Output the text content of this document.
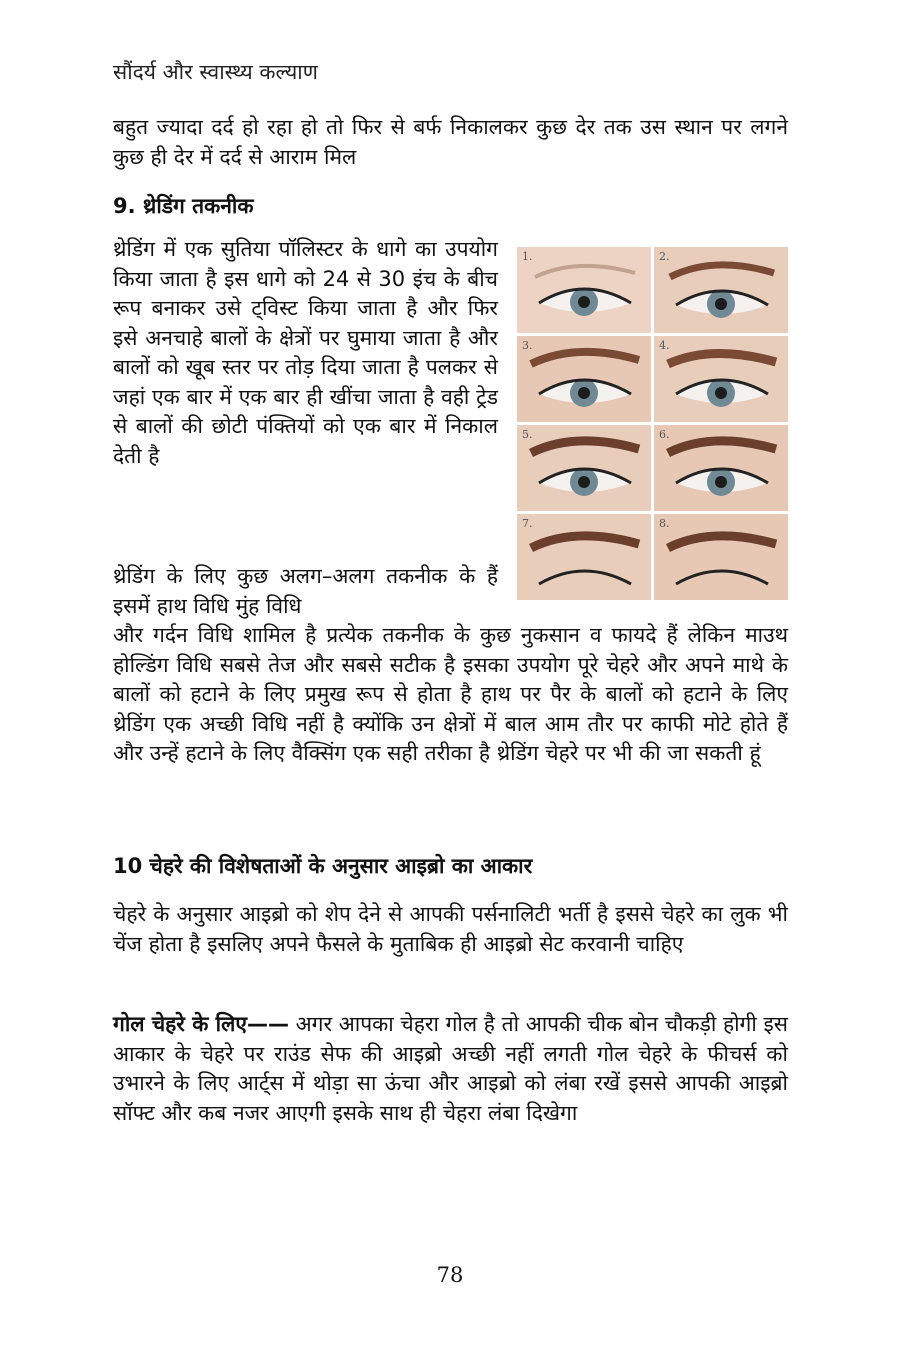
सौंदर्य और स्वास्थ्य कल्याण
बहुत ज्यादा दर्द हो रहा हो तो फिर से बर्फ निकालकर कुछ देर तक उस स्थान पर लगने कुछ ही देर में दर्द से आराम मिल
9. थ्रेडिंग तकनीक
थ्रेडिंग में एक सुतिया पॉलिस्टर के धागे का उपयोग किया जाता है इस धागे को 24 से 30 इंच के बीच रूप बनाकर उसे ट्विस्ट किया जाता है और फिर इसे अनचाहे बालों के क्षेत्रों पर घुमाया जाता है और बालों को खूब स्तर पर तोड़ दिया जाता है पलकर से जहां एक बार में एक बार ही खींचा जाता है वही ट्रेड से बालों की छोटी पंक्तियों को एक बार में निकाल देती है
थ्रेडिंग के लिए कुछ अलग–अलग तकनीक के हैं इसमें हाथ विधि मुंह विधि
और गर्दन विधि शामिल है प्रत्येक तकनीक के कुछ नुकसान व फायदे हैं लेकिन माउथ होल्डिंग विधि सबसे तेज और सबसे सटीक है इसका उपयोग पूरे चेहरे और अपने माथे के बालों को हटाने के लिए प्रमुख रूप से होता है हाथ पर पैर के बालों को हटाने के लिए थ्रेडिंग एक अच्छी विधि नहीं है क्योंकि उन क्षेत्रों में बाल आम तौर पर काफी मोटे होते हैं और उन्हें हटाने के लिए वैक्सिंग एक सही तरीका है थ्रेडिंग चेहरे पर भी की जा सकती हूं
1.	2.
3.	4.
5.	6.
7.	8.
10 चेहरे की विशेषताओं के अनुसार आइब्रो का आकार
चेहरे के अनुसार आइब्रो को शेप देने से आपकी पर्सनालिटी भर्ती है इससे चेहरे का लुक भी चेंज होता है इसलिए अपने फैसले के मुताबिक ही आइब्रो सेट करवानी चाहिए
गोल चेहरे के लिए—— अगर आपका चेहरा गोल है तो आपकी चीक बोन चौकड़ी होगी इस आकार के चेहरे पर राउंड सेफ की आइब्रो अच्छी नहीं लगती गोल चेहरे के फीचर्स को उभारने के लिए आर्ट्स में थोड़ा सा ऊंचा और आइब्रो को लंबा रखें इससे आपकी आइब्रो सॉफ्ट और कब नजर आएगी इसके साथ ही चेहरा लंबा दिखेगा
78
